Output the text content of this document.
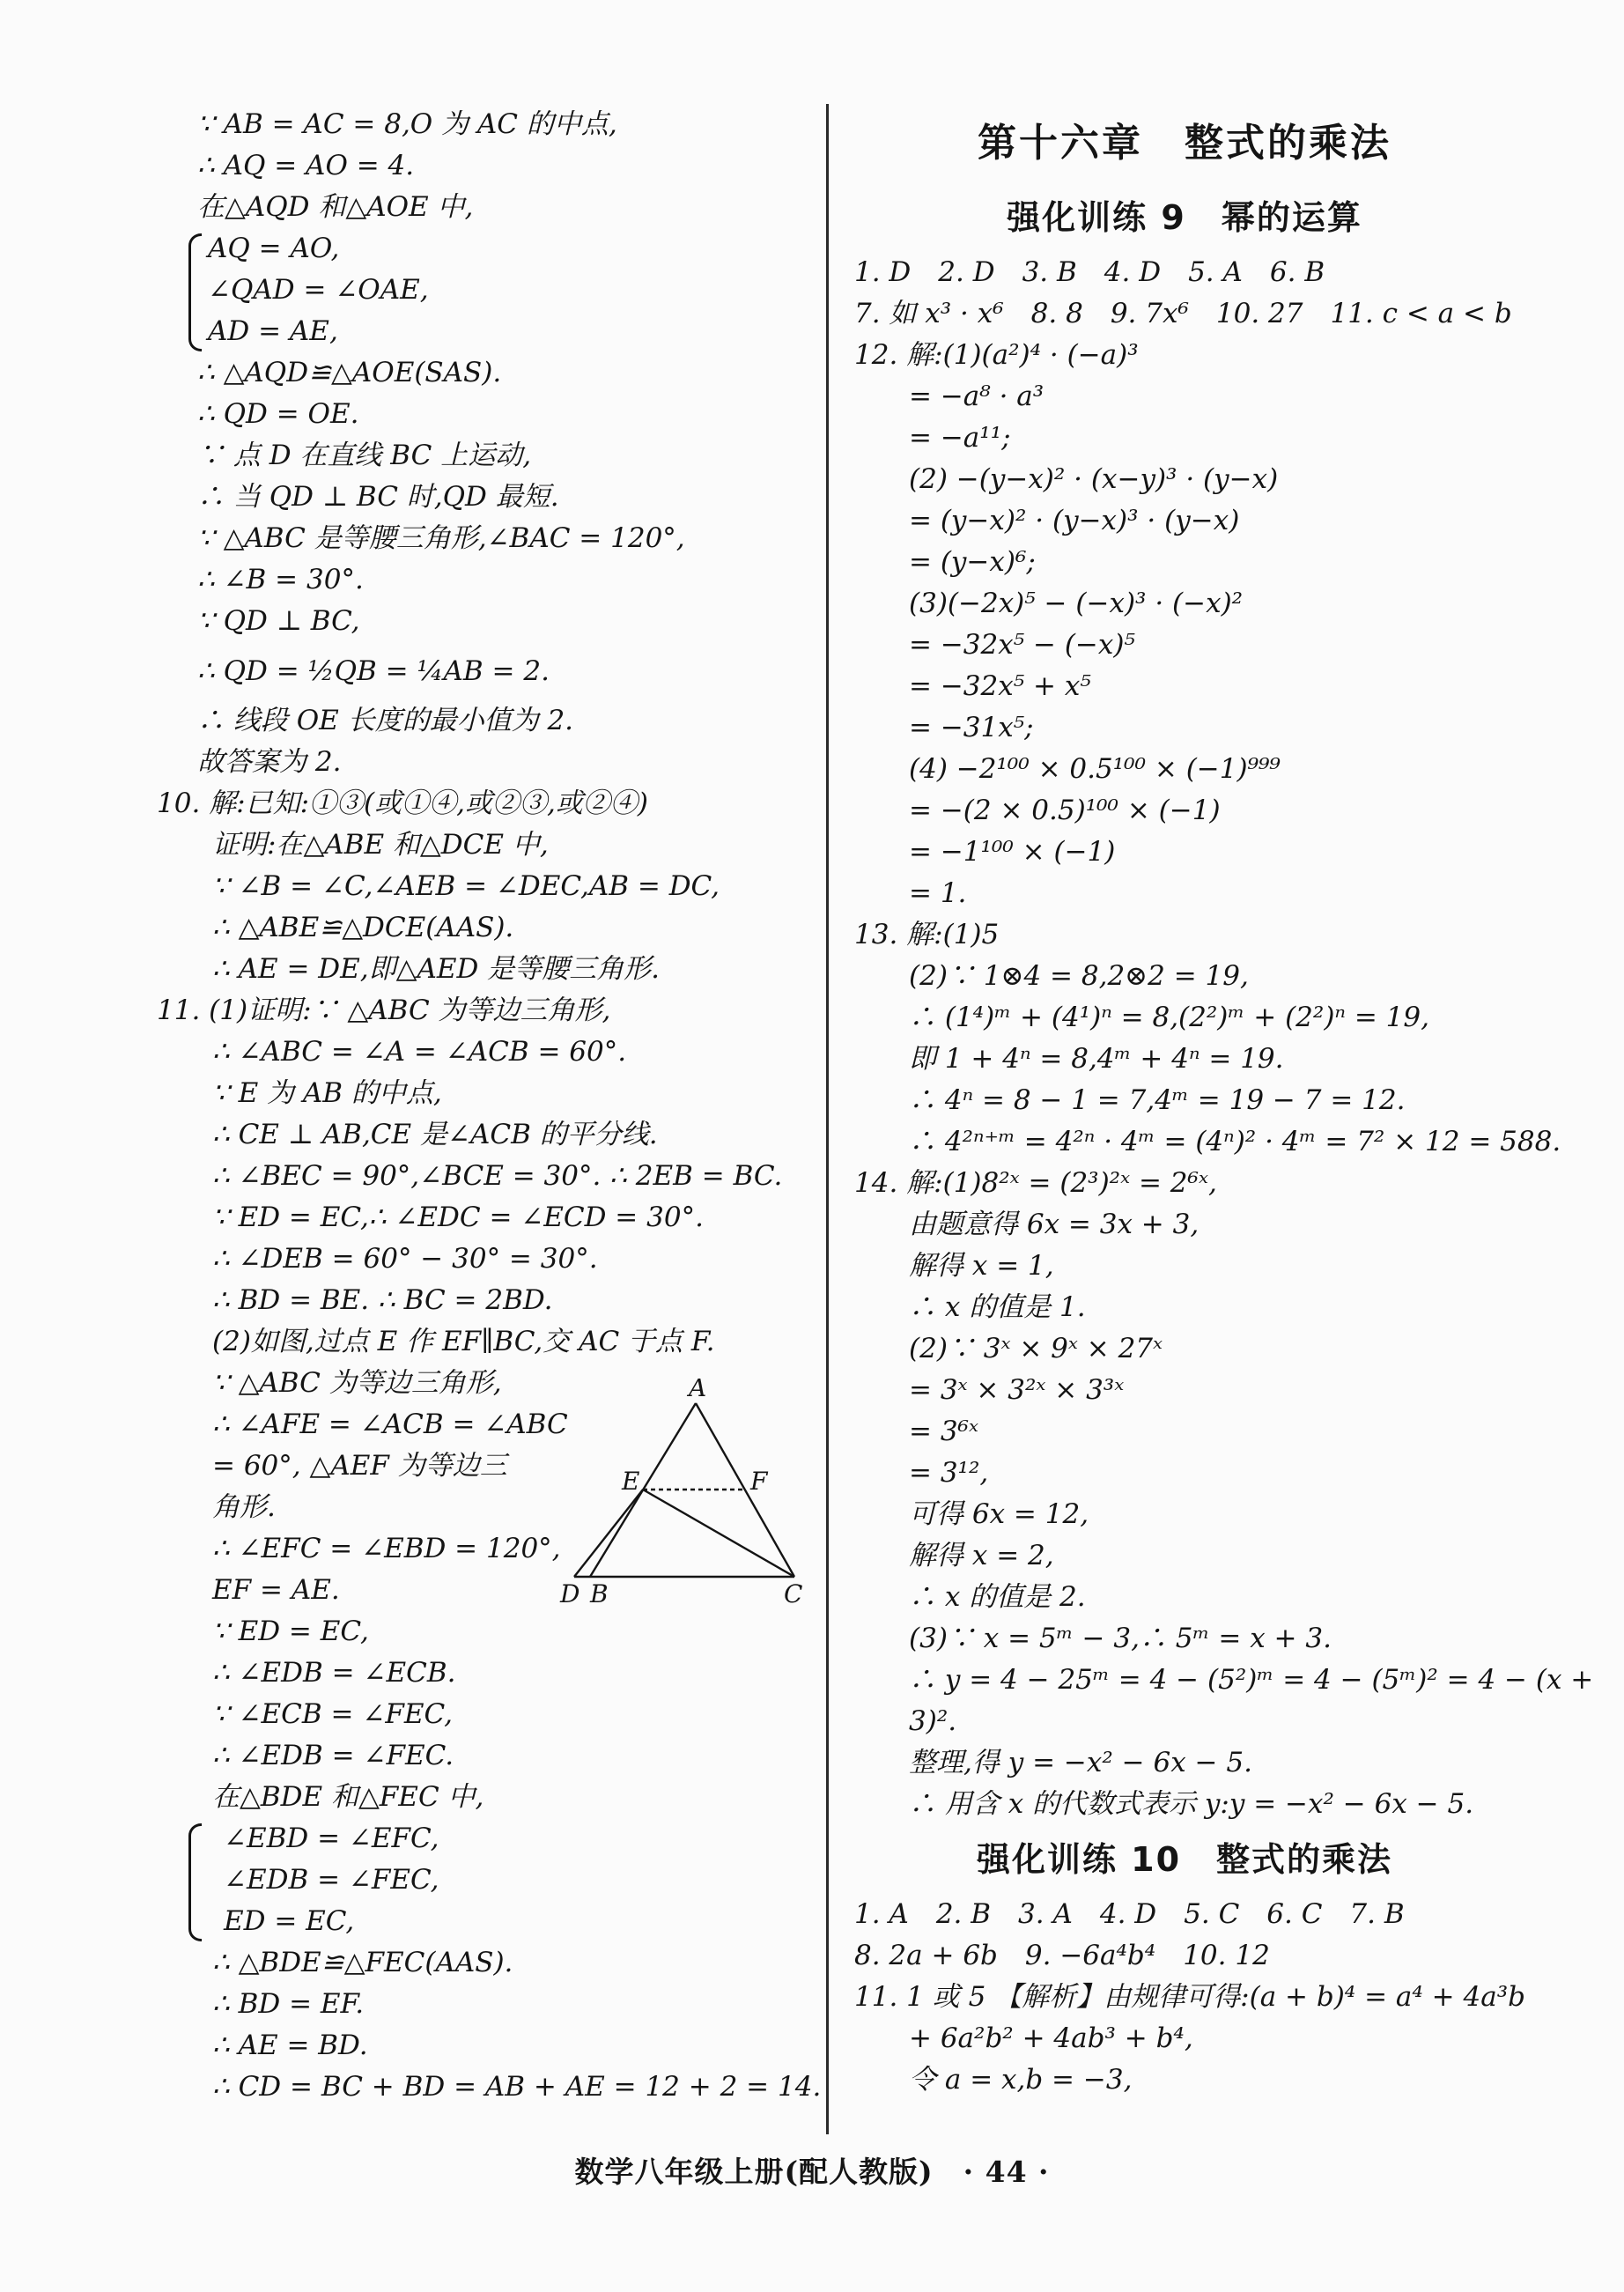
∵ AB = AC = 8,O 为 AC 的中点,
∴ AQ = AO = 4.
在△AQD 和△AOE 中,
AQ = AO,
∠QAD = ∠OAE,
AD = AE,
∴ △AQD≌△AOE(SAS).
∴ QD = OE.
∵ 点 D 在直线 BC 上运动,
∴ 当 QD ⊥ BC 时,QD 最短.
∵ △ABC 是等腰三角形,∠BAC = 120°,
∴ ∠B = 30°.
∵ QD ⊥ BC,
∴ QD = ½QB = ¼AB = 2.
∴ 线段 OE 长度的最小值为 2.
故答案为 2.
10. 解:已知:①③(或①④,或②③,或②④)
证明:在△ABE 和△DCE 中,
∵ ∠B = ∠C,∠AEB = ∠DEC,AB = DC,
∴ △ABE≌△DCE(AAS).
∴ AE = DE,即△AED 是等腰三角形.
11. (1)证明:∵ △ABC 为等边三角形,
∴ ∠ABC = ∠A = ∠ACB = 60°.
∵ E 为 AB 的中点,
∴ CE ⊥ AB,CE 是∠ACB 的平分线.
∴ ∠BEC = 90°,∠BCE = 30°. ∴ 2EB = BC.
∵ ED = EC,∴ ∠EDC = ∠ECD = 30°.
∴ ∠DEB = 60° − 30° = 30°.
∴ BD = BE. ∴ BC = 2BD.
(2)如图,过点 E 作 EF∥BC,交 AC 于点 F.
∵ △ABC 为等边三角形,
∴ ∠AFE = ∠ACB = ∠ABC
= 60°, △AEF 为等边三
角形.
∴ ∠EFC = ∠EBD = 120°,
EF = AE.
∵ ED = EC,
∴ ∠EDB = ∠ECB.
∵ ∠ECB = ∠FEC,
∴ ∠EDB = ∠FEC.
在△BDE 和△FEC 中,
∠EBD = ∠EFC,
∠EDB = ∠FEC,
ED = EC,
∴ △BDE≌△FEC(AAS).
∴ BD = EF.
∴ AE = BD.
∴ CD = BC + BD = AB + AE = 12 + 2 = 14.
第十六章　整式的乘法
强化训练 9　幂的运算
1. D　2. D　3. B　4. D　5. A　6. B
7. 如 x³ · x⁶　8. 8　9. 7x⁶　10. 27　11. c < a < b
12. 解:(1)(a²)⁴ · (−a)³
　　= −a⁸ · a³
　　= −a¹¹;
　　(2) −(y−x)² · (x−y)³ · (y−x)
　　= (y−x)² · (y−x)³ · (y−x)
　　= (y−x)⁶;
　　(3)(−2x)⁵ − (−x)³ · (−x)²
　　= −32x⁵ − (−x)⁵
　　= −32x⁵ + x⁵
　　= −31x⁵;
　　(4) −2¹⁰⁰ × 0.5¹⁰⁰ × (−1)⁹⁹⁹
　　= −(2 × 0.5)¹⁰⁰ × (−1)
　　= −1¹⁰⁰ × (−1)
　　= 1.
13. 解:(1)5
　　(2)∵ 1⊗4 = 8,2⊗2 = 19,
　　∴ (1⁴)ᵐ + (4¹)ⁿ = 8,(2²)ᵐ + (2²)ⁿ = 19,
　　即 1 + 4ⁿ = 8,4ᵐ + 4ⁿ = 19.
　　∴ 4ⁿ = 8 − 1 = 7,4ᵐ = 19 − 7 = 12.
　　∴ 4²ⁿ⁺ᵐ = 4²ⁿ · 4ᵐ = (4ⁿ)² · 4ᵐ = 7² × 12 = 588.
14. 解:(1)8²ˣ = (2³)²ˣ = 2⁶ˣ,
　　由题意得 6x = 3x + 3,
　　解得 x = 1,
　　∴ x 的值是 1.
　　(2)∵ 3ˣ × 9ˣ × 27ˣ
　　= 3ˣ × 3²ˣ × 3³ˣ
　　= 3⁶ˣ
　　= 3¹²,
　　可得 6x = 12,
　　解得 x = 2,
　　∴ x 的值是 2.
　　(3)∵ x = 5ᵐ − 3,∴ 5ᵐ = x + 3.
　　∴ y = 4 − 25ᵐ = 4 − (5²)ᵐ = 4 − (5ᵐ)² = 4 − (x +
　　3)².
　　整理,得 y = −x² − 6x − 5.
　　∴ 用含 x 的代数式表示 y:y = −x² − 6x − 5.
强化训练 10　整式的乘法
1. A　2. B　3. A　4. D　5. C　6. C　7. B
8. 2a + 6b　9. −6a⁴b⁴　10. 12
11. 1 或 5 【解析】由规律可得:(a + b)⁴ = a⁴ + 4a³b
　　+ 6a²b² + 4ab³ + b⁴,
　　令 a = x,b = −3,
A
E	F
D B	C
数学八年级上册(配人教版)　· 44 ·
